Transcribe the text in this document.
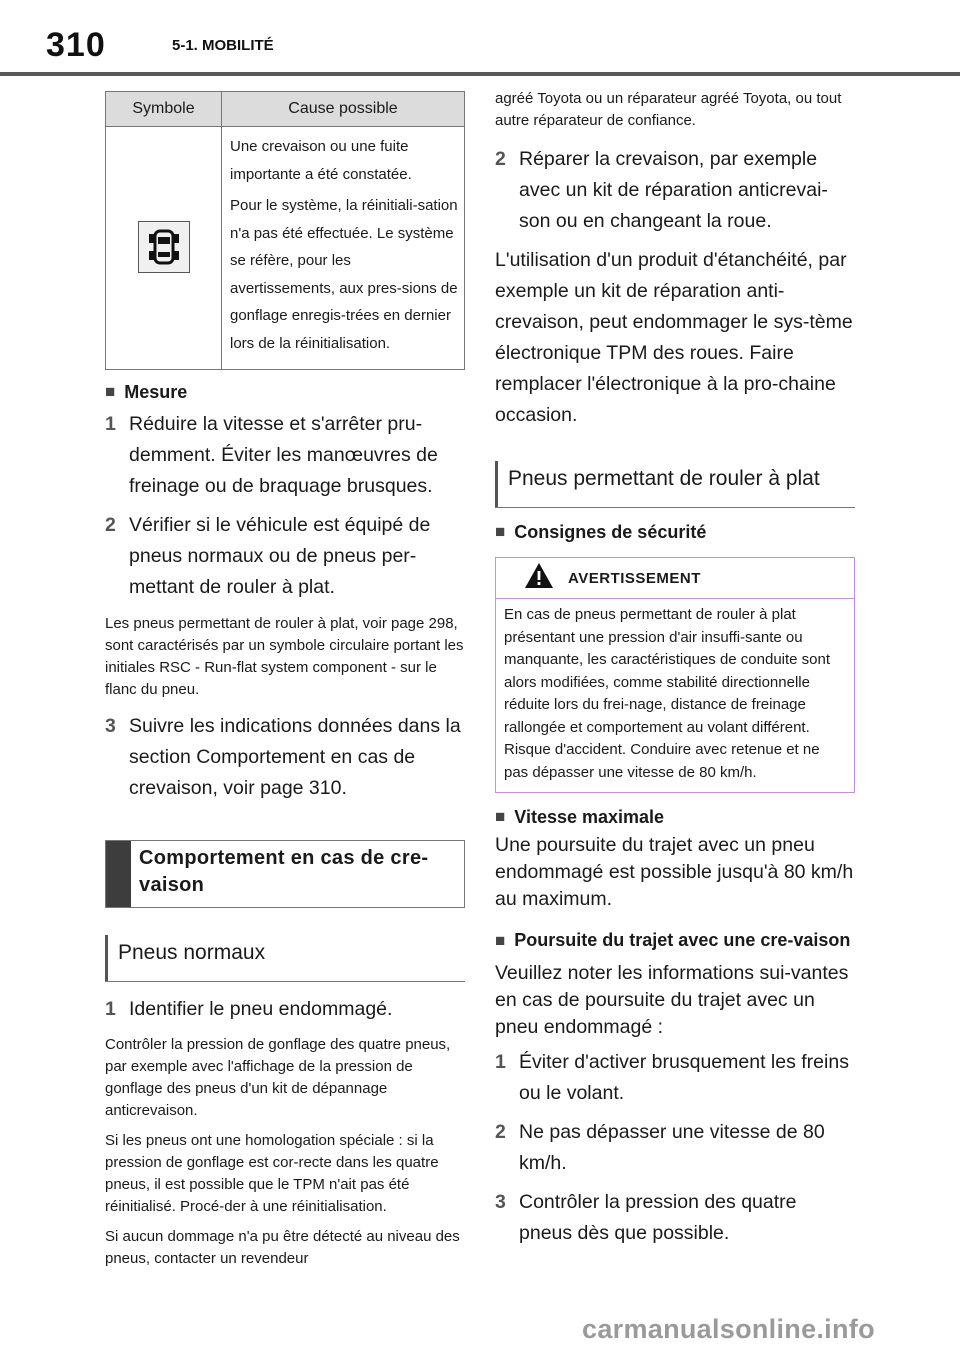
310	5-1. MOBILITÉ
Symbole	Cause possible

Une crevaison ou une fuite importante a été constatée.

Pour le système, la réinitiali-sation n'a pas été effectuée. Le système se réfère, pour les avertissements, aux pres-sions de gonflage enregis-trées en dernier lors de la réinitialisation.

■ Mesure
1 Réduire la vitesse et s'arrêter pru-demment. Éviter les manœuvres de freinage ou de braquage brusques.
2 Vérifier si le véhicule est équipé de pneus normaux ou de pneus per-mettant de rouler à plat.
Les pneus permettant de rouler à plat, voir page 298, sont caractérisés par un symbole circulaire portant les initiales RSC - Run-flat system component - sur le flanc du pneu.
3 Suivre les indications données dans la section Comportement en cas de crevaison, voir page 310.
Comportement en cas de cre-vaison
Pneus normaux
1 Identifier le pneu endommagé.
Contrôler la pression de gonflage des quatre pneus, par exemple avec l'affichage de la pression de gonflage des pneus d'un kit de dépannage anticrevaison.
Si les pneus ont une homologation spéciale : si la pression de gonflage est cor-recte dans les quatre pneus, il est possible que le TPM n'ait pas été réinitialisé. Procé-der à une réinitialisation.
Si aucun dommage n'a pu être détecté au niveau des pneus, contacter un revendeur
agréé Toyota ou un réparateur agréé Toyota, ou tout autre réparateur de confiance.
2 Réparer la crevaison, par exemple avec un kit de réparation anticrevai-son ou en changeant la roue.

L'utilisation d'un produit d'étanchéité, par exemple un kit de réparation anti-crevaison, peut endommager le sys-tème électronique TPM des roues. Faire remplacer l'électronique à la pro-chaine occasion.

Pneus permettant de rouler à plat
■ Consignes de sécurité
AVERTISSEMENT
En cas de pneus permettant de rouler à plat présentant une pression d'air insuffi-sante ou manquante, les caractéristiques de conduite sont alors modifiées, comme stabilité directionnelle réduite lors du frei-nage, distance de freinage rallongée et comportement au volant différent. Risque d'accident. Conduire avec retenue et ne pas dépasser une vitesse de 80 km/h.
■ Vitesse maximale

Une poursuite du trajet avec un pneu endommagé est possible jusqu'à 80 km/h au maximum.

■ Poursuite du trajet avec une cre-vaison

Veuillez noter les informations sui-vantes en cas de poursuite du trajet avec un pneu endommagé :

1 Éviter d'activer brusquement les freins ou le volant.
2 Ne pas dépasser une vitesse de 80 km/h.
3 Contrôler la pression des quatre pneus dès que possible.
carmanualsonline.info
